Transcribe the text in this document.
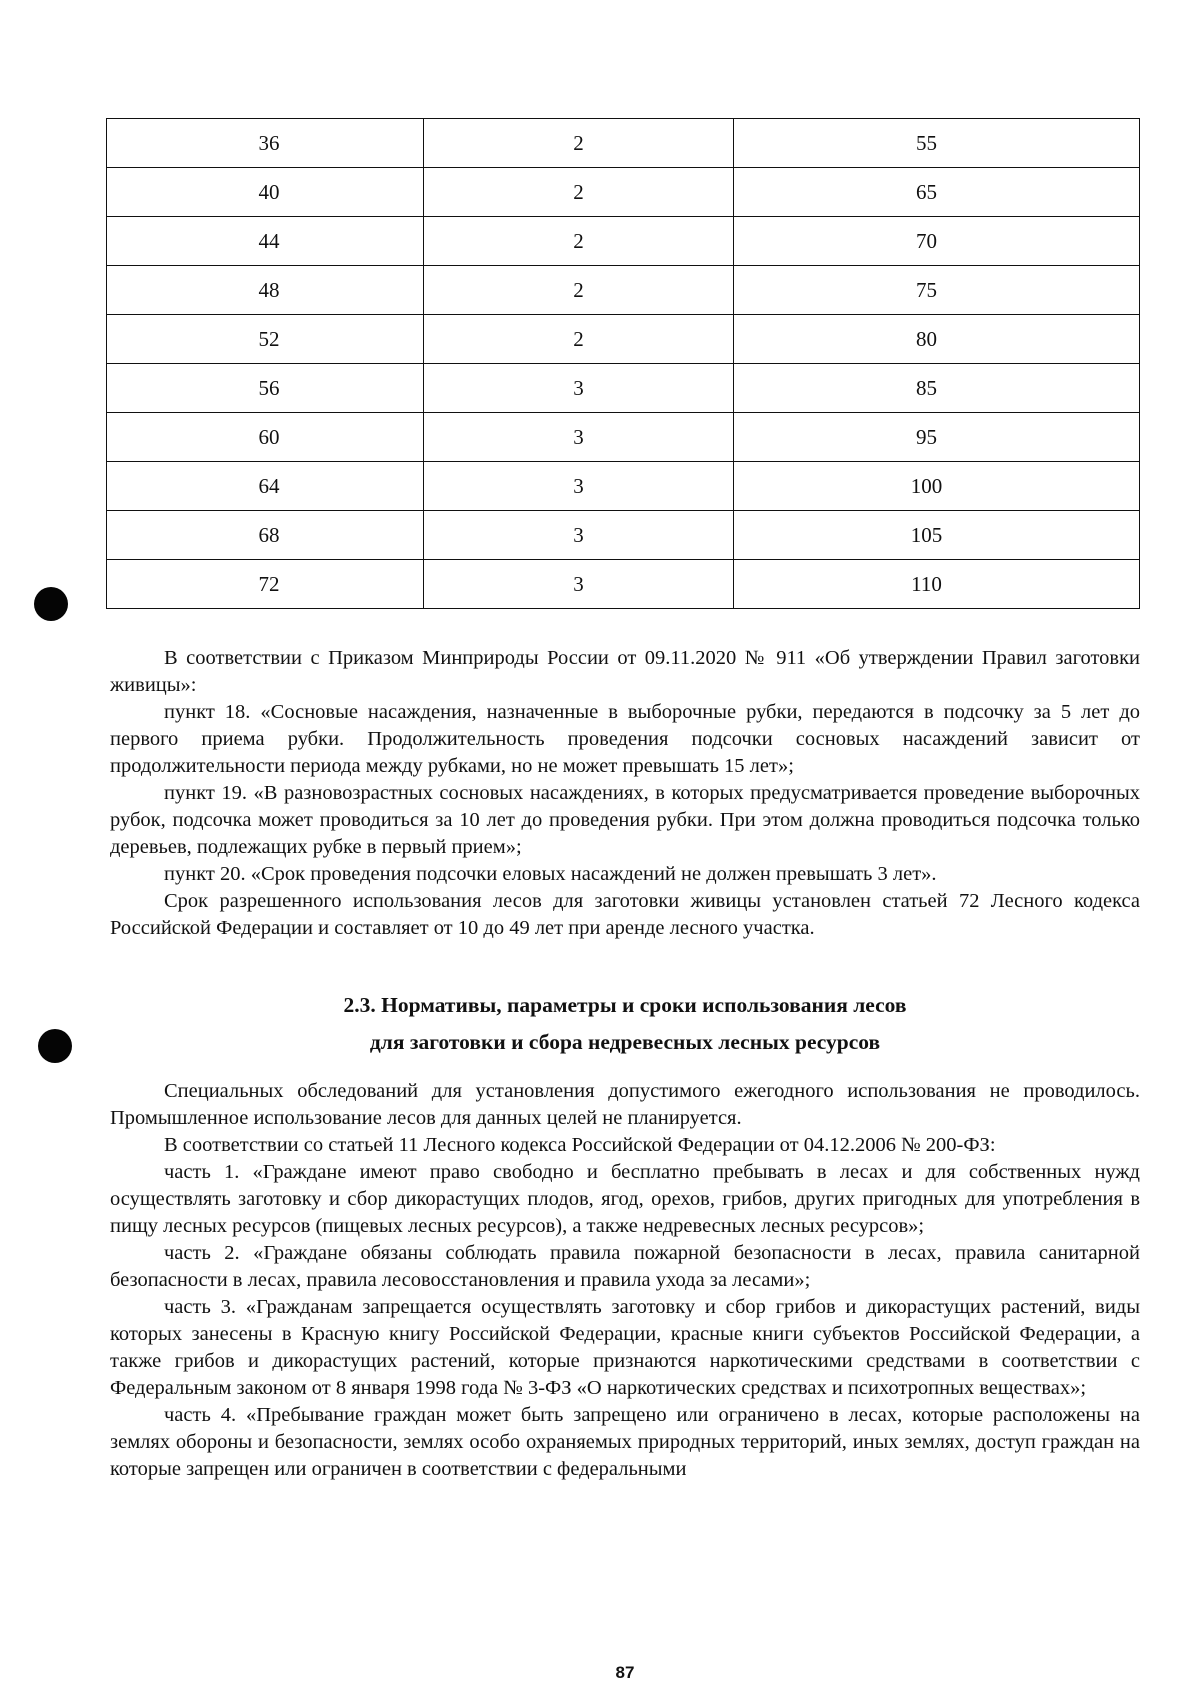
36	2	55
40	2	65
44	2	70
48	2	75
52	2	80
56	3	85
60	3	95
64	3	100
68	3	105
72	3	110

В соответствии с Приказом Минприроды России от 09.11.2020 № 911 «Об утверждении Правил заготовки живицы»:

пункт 18. «Сосновые насаждения, назначенные в выборочные рубки, передаются в подсочку за 5 лет до первого приема рубки. Продолжительность проведения подсочки сосновых насаждений зависит от продолжительности периода между рубками, но не может превышать 15 лет»;

пункт 19. «В разновозрастных сосновых насаждениях, в которых предусматривается проведение выборочных рубок, подсочка может проводиться за 10 лет до проведения рубки. При этом должна проводиться подсочка только деревьев, подлежащих рубке в первый прием»;

пункт 20. «Срок проведения подсочки еловых насаждений не должен превышать 3 лет».

Срок разрешенного использования лесов для заготовки живицы установлен статьей 72 Лесного кодекса Российской Федерации и составляет от 10 до 49 лет при аренде лесного участка.

2.3. Нормативы, параметры и сроки использования лесов
для заготовки и сбора недревесных лесных ресурсов

Специальных обследований для установления допустимого ежегодного использования не проводилось. Промышленное использование лесов для данных целей не планируется.

В соответствии со статьей 11 Лесного кодекса Российской Федерации от 04.12.2006 № 200-ФЗ:

часть 1. «Граждане имеют право свободно и бесплатно пребывать в лесах и для собственных нужд осуществлять заготовку и сбор дикорастущих плодов, ягод, орехов, грибов, других пригодных для употребления в пищу лесных ресурсов (пищевых лесных ресурсов), а также недревесных лесных ресурсов»;

часть 2. «Граждане обязаны соблюдать правила пожарной безопасности в лесах, правила санитарной безопасности в лесах, правила лесовосстановления и правила ухода за лесами»;

часть 3. «Гражданам запрещается осуществлять заготовку и сбор грибов и дикорастущих растений, виды которых занесены в Красную книгу Российской Федерации, красные книги субъектов Российской Федерации, а также грибов и дикорастущих растений, которые признаются наркотическими средствами в соответствии с Федеральным законом от 8 января 1998 года № 3-ФЗ «О наркотических средствах и психотропных веществах»;

часть 4. «Пребывание граждан может быть запрещено или ограничено в лесах, которые расположены на землях обороны и безопасности, землях особо охраняемых природных территорий, иных землях, доступ граждан на которые запрещен или ограничен в соответствии с федеральными

87
